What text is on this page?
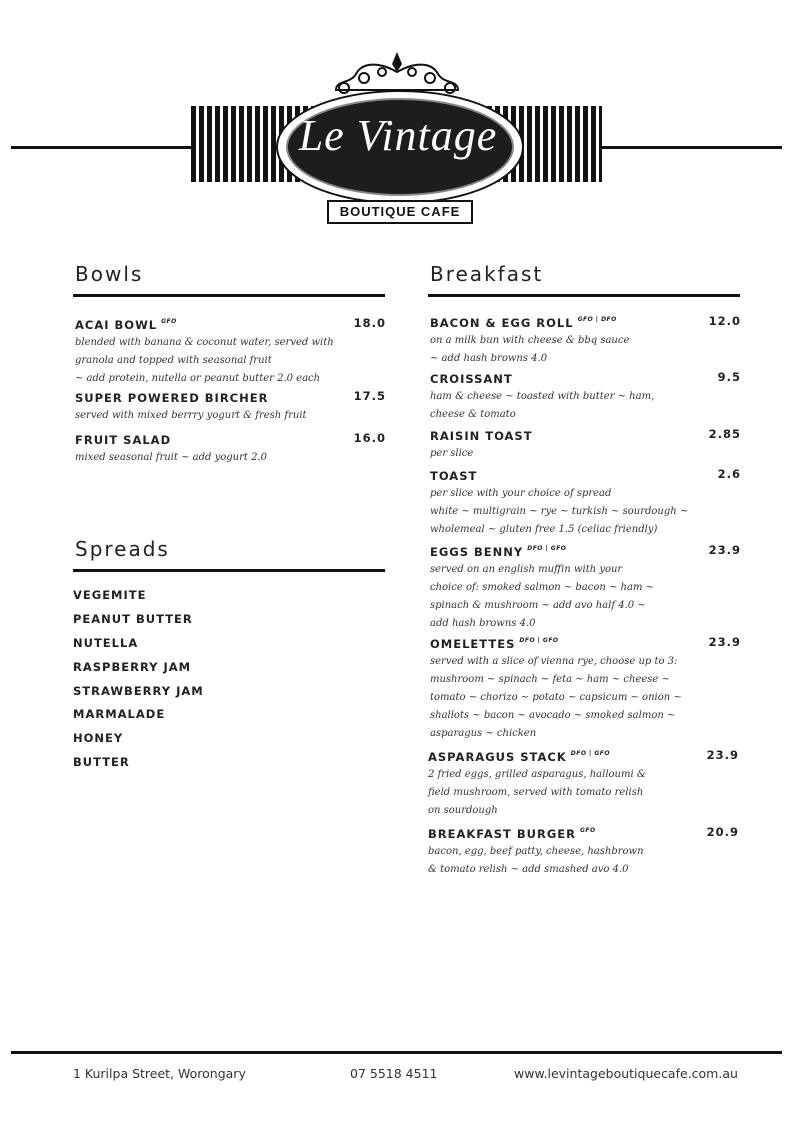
Le Vintage
BOUTIQUE CAFE
Bowls
ACAI BOWL $^{GFO}$	18.0
blended with banana & coconut water, served with
granola and topped with seasonal fruit
~ add protein, nutella or peanut butter 2.0 each
SUPER POWERED BIRCHER	17.5
served with mixed berrry yogurt & fresh fruit
FRUIT SALAD	16.0
mixed seasonal fruit ~ add yogurt 2.0
Spreads
VEGEMITE
PEANUT BUTTER
NUTELLA
RASPBERRY JAM
STRAWBERRY JAM
MARMALADE
HONEY
BUTTER
Breakfast
BACON & EGG ROLL $^{GFO | DFO}$	12.0
on a milk bun with cheese & bbq sauce
~ add hash browns 4.0
CROISSANT	9.5
ham & cheese ~ toasted with butter ~ ham,
cheese & tomato
RAISIN TOAST	2.85
per slice
TOAST	2.6
per slice with your choice of spread
white ~ multigrain ~ rye ~ turkish ~ sourdough ~
wholemeal ~ gluten free 1.5 (celiac friendly)
EGGS BENNY $^{DFO | GFO}$	23.9
served on an english muffin with your
choice of: smoked salmon ~ bacon ~ ham ~
spinach & mushroom ~ add avo half 4.0 ~
add hash browns 4.0
OMELETTES $^{DFO | GFO}$	23.9
served with a slice of vienna rye, choose up to 3:
mushroom ~ spinach ~ feta ~ ham ~ cheese ~
tomato ~ chorizo ~ potato ~ capsicum ~ onion ~
shallots ~ bacon ~ avocado ~ smoked salmon ~
asparagus ~ chicken
ASPARAGUS STACK $^{DFO | GFO}$	23.9
2 fried eggs, grilled asparagus, halloumi &
field mushroom, served with tomato relish
on sourdough
BREAKFAST BURGER $^{GFO}$	20.9
bacon, egg, beef patty, cheese, hashbrown
& tomato relish ~ add smashed avo 4.0
1 Kurilpa Street, Worongary	07 5518 4511	www.levintageboutiquecafe.com.au
